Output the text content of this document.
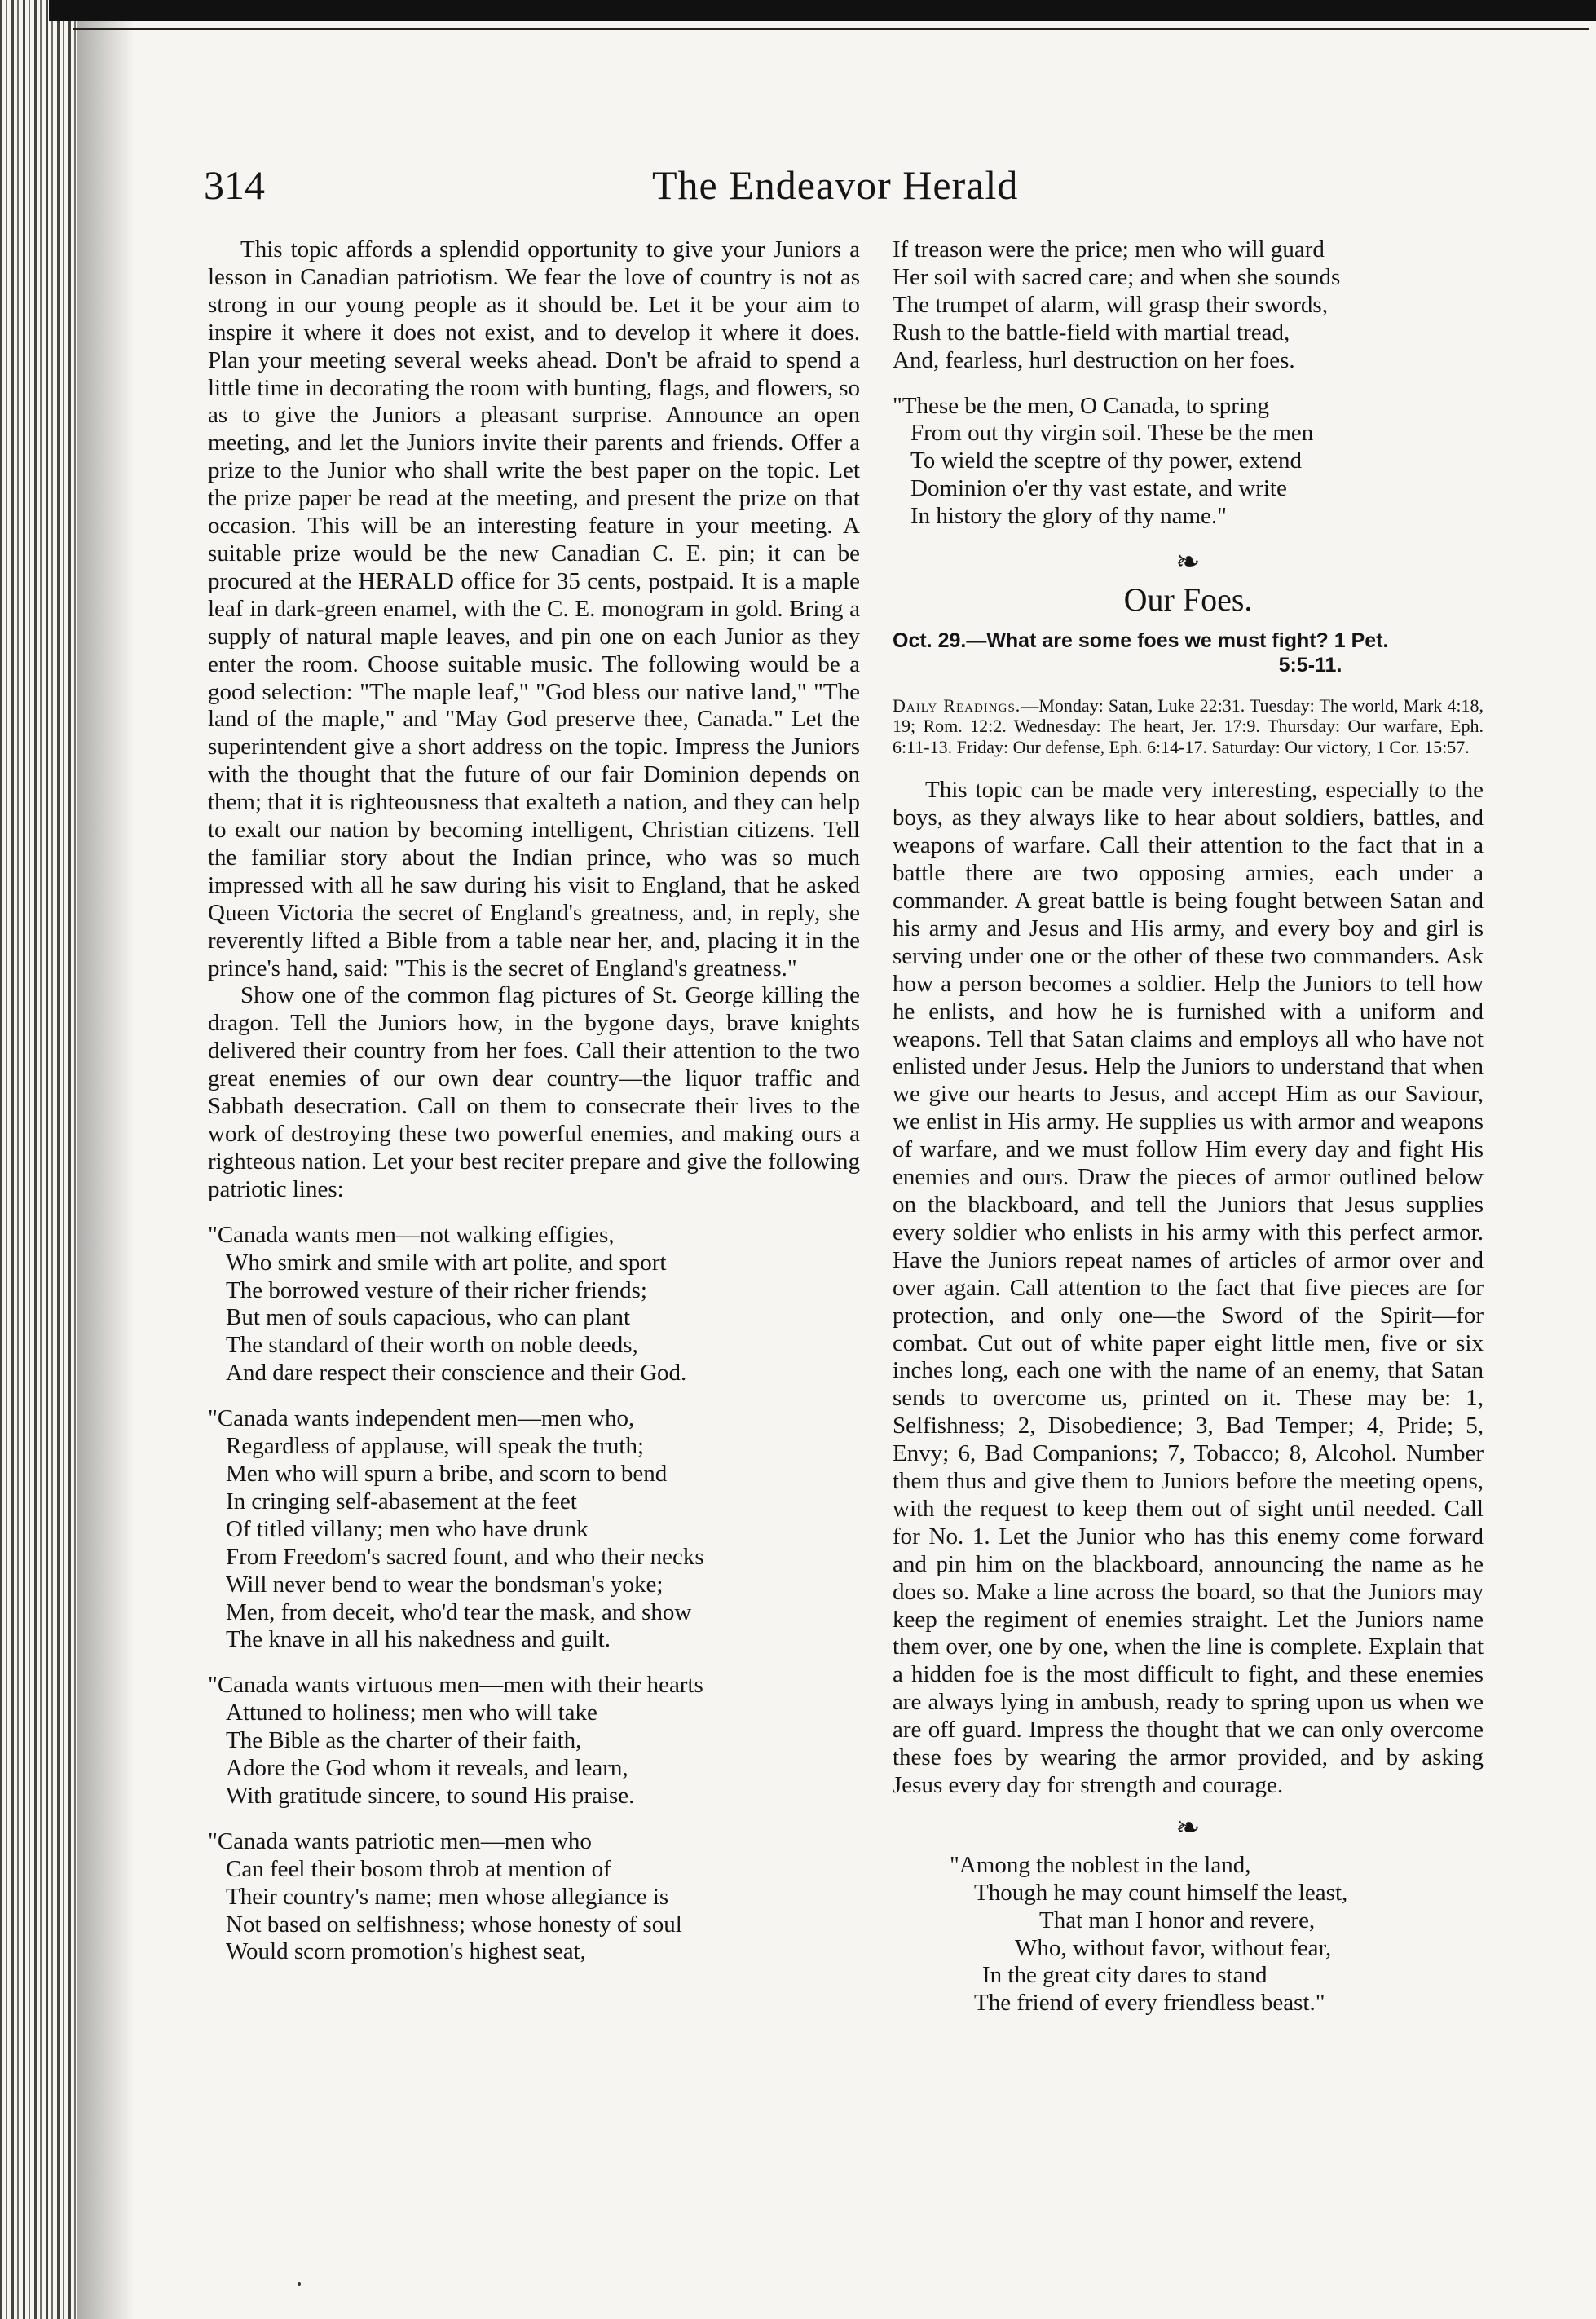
314	The Endeavor Herald

This topic affords a splendid opportunity to give your Juniors a lesson in Canadian patriotism. We fear the love of country is not as strong in our young people as it should be. Let it be your aim to inspire it where it does not exist, and to develop it where it does. Plan your meeting several weeks ahead. Don't be afraid to spend a little time in decorating the room with bunting, flags, and flowers, so as to give the Juniors a pleasant surprise. Announce an open meeting, and let the Juniors invite their parents and friends. Offer a prize to the Junior who shall write the best paper on the topic. Let the prize paper be read at the meeting, and present the prize on that occasion. This will be an interesting feature in your meeting. A suitable prize would be the new Canadian C. E. pin; it can be procured at the HERALD office for 35 cents, postpaid. It is a maple leaf in dark-green enamel, with the C. E. monogram in gold. Bring a supply of natural maple leaves, and pin one on each Junior as they enter the room. Choose suitable music. The following would be a good selection: "The maple leaf," "God bless our native land," "The land of the maple," and "May God preserve thee, Canada." Let the superintendent give a short address on the topic. Impress the Juniors with the thought that the future of our fair Dominion depends on them; that it is righteousness that exalteth a nation, and they can help to exalt our nation by becoming intelligent, Christian citizens. Tell the familiar story about the Indian prince, who was so much impressed with all he saw during his visit to England, that he asked Queen Victoria the secret of England's greatness, and, in reply, she reverently lifted a Bible from a table near her, and, placing it in the prince's hand, said: "This is the secret of England's greatness."

Show one of the common flag pictures of St. George killing the dragon. Tell the Juniors how, in the bygone days, brave knights delivered their country from her foes. Call their attention to the two great enemies of our own dear country—the liquor traffic and Sabbath desecration. Call on them to consecrate their lives to the work of destroying these two powerful enemies, and making ours a righteous nation. Let your best reciter prepare and give the following patriotic lines:

"Canada wants men—not walking effigies,
Who smirk and smile with art polite, and sport
The borrowed vesture of their richer friends;
But men of souls capacious, who can plant
The standard of their worth on noble deeds,
And dare respect their conscience and their God.
"Canada wants independent men—men who,
Regardless of applause, will speak the truth;
Men who will spurn a bribe, and scorn to bend
In cringing self-abasement at the feet
Of titled villany; men who have drunk
From Freedom's sacred fount, and who their necks
Will never bend to wear the bondsman's yoke;
Men, from deceit, who'd tear the mask, and show
The knave in all his nakedness and guilt.
"Canada wants virtuous men—men with their hearts
Attuned to holiness; men who will take
The Bible as the charter of their faith,
Adore the God whom it reveals, and learn,
With gratitude sincere, to sound His praise.
"Canada wants patriotic men—men who
Can feel their bosom throb at mention of
Their country's name; men whose allegiance is
Not based on selfishness; whose honesty of soul
Would scorn promotion's highest seat,
If treason were the price; men who will guard
Her soil with sacred care; and when she sounds
The trumpet of alarm, will grasp their swords,
Rush to the battle-field with martial tread,
And, fearless, hurl destruction on her foes.
"These be the men, O Canada, to spring
From out thy virgin soil. These be the men
To wield the sceptre of thy power, extend
Dominion o'er thy vast estate, and write
In history the glory of thy name."
❧
Our Foes.
Oct. 29.—What are some foes we must fight? 1 Pet.
5:5-11.
Daily Readings.—Monday: Satan, Luke 22:31. Tuesday: The world, Mark 4:18, 19; Rom. 12:2. Wednesday: The heart, Jer. 17:9. Thursday: Our warfare, Eph. 6:11-13. Friday: Our defense, Eph. 6:14-17. Saturday: Our victory, 1 Cor. 15:57.

This topic can be made very interesting, especially to the boys, as they always like to hear about soldiers, battles, and weapons of warfare. Call their attention to the fact that in a battle there are two opposing armies, each under a commander. A great battle is being fought between Satan and his army and Jesus and His army, and every boy and girl is serving under one or the other of these two commanders. Ask how a person becomes a soldier. Help the Juniors to tell how he enlists, and how he is furnished with a uniform and weapons. Tell that Satan claims and employs all who have not enlisted under Jesus. Help the Juniors to understand that when we give our hearts to Jesus, and accept Him as our Saviour, we enlist in His army. He supplies us with armor and weapons of warfare, and we must follow Him every day and fight His enemies and ours. Draw the pieces of armor outlined below on the blackboard, and tell the Juniors that Jesus supplies every soldier who enlists in his army with this perfect armor. Have the Juniors repeat names of articles of armor over and over again. Call attention to the fact that five pieces are for protection, and only one—the Sword of the Spirit—for combat. Cut out of white paper eight little men, five or six inches long, each one with the name of an enemy, that Satan sends to overcome us, printed on it. These may be: 1, Selfishness; 2, Disobedience; 3, Bad Temper; 4, Pride; 5, Envy; 6, Bad Companions; 7, Tobacco; 8, Alcohol. Number them thus and give them to Juniors before the meeting opens, with the request to keep them out of sight until needed. Call for No. 1. Let the Junior who has this enemy come forward and pin him on the blackboard, announcing the name as he does so. Make a line across the board, so that the Juniors may keep the regiment of enemies straight. Let the Juniors name them over, one by one, when the line is complete. Explain that a hidden foe is the most difficult to fight, and these enemies are always lying in ambush, ready to spring upon us when we are off guard. Impress the thought that we can only overcome these foes by wearing the armor provided, and by asking Jesus every day for strength and courage.

❧
"Among the noblest in the land,
Though he may count himself the least,
That man I honor and revere,
Who, without favor, without fear,
In the great city dares to stand
The friend of every friendless beast."
